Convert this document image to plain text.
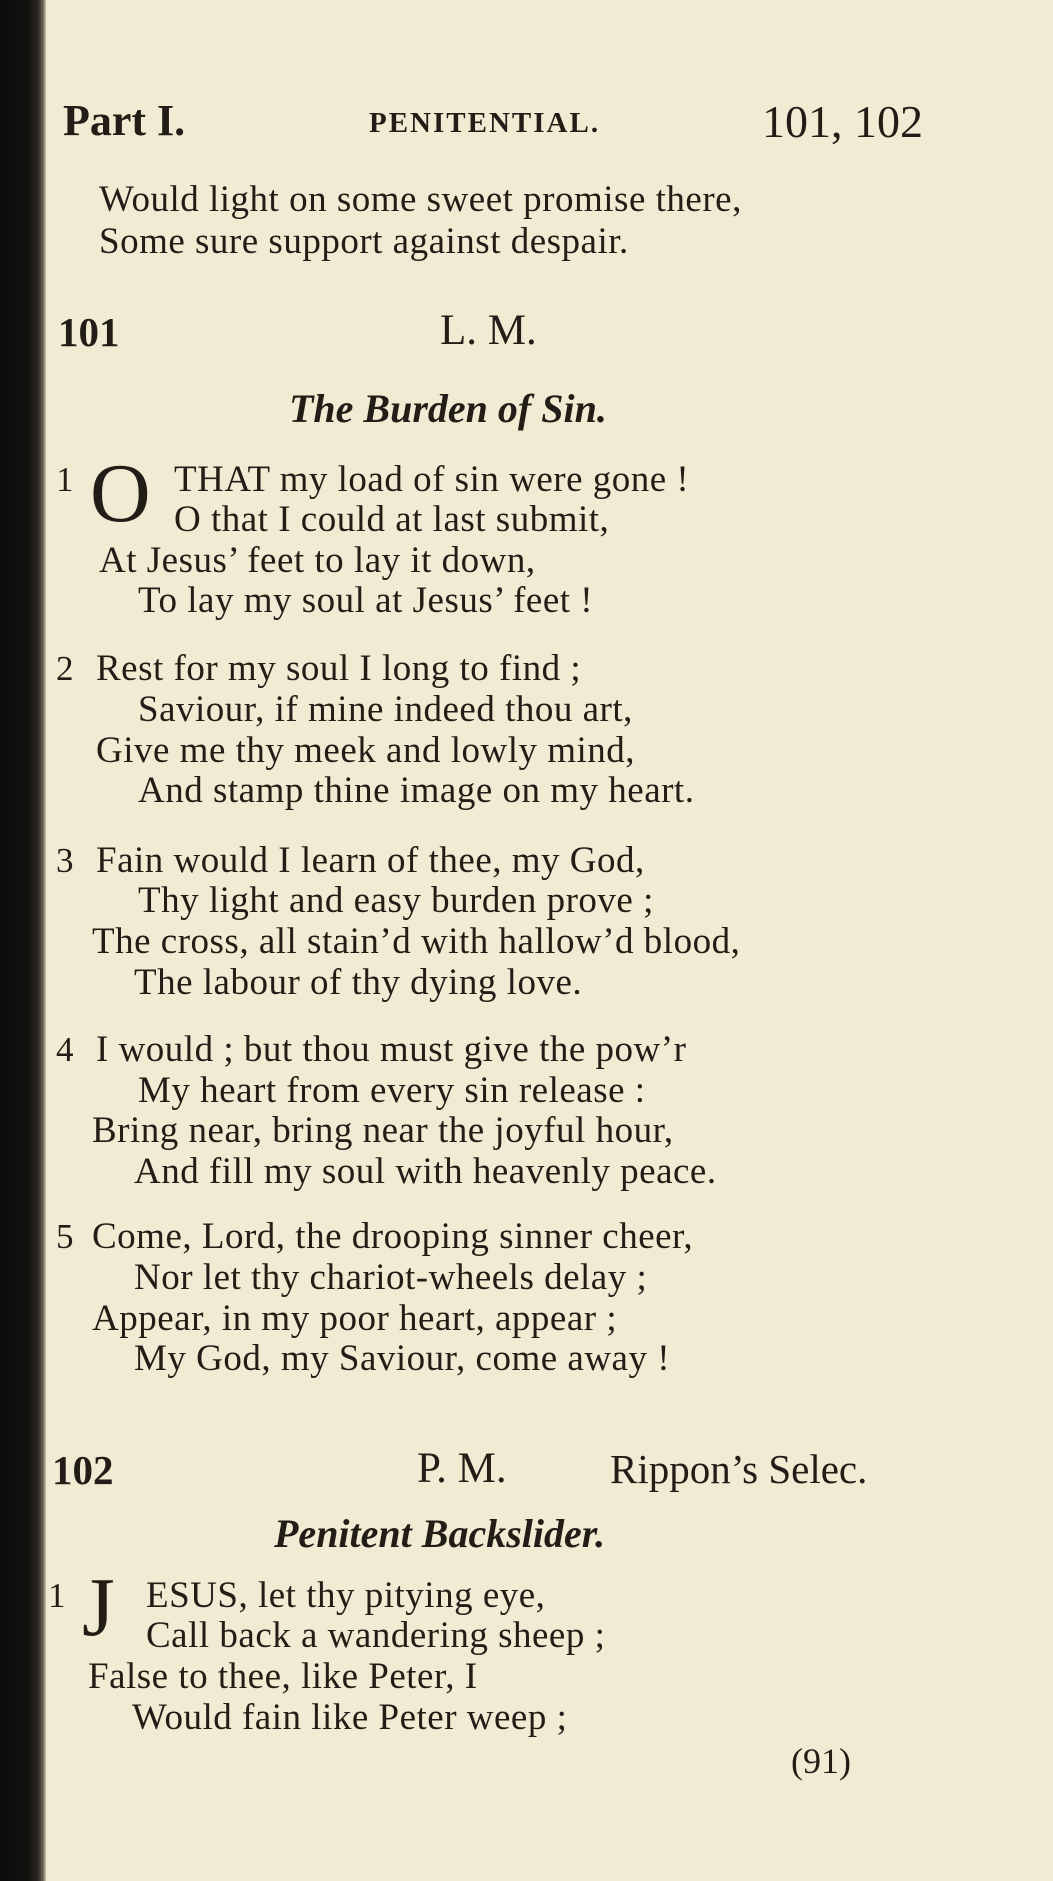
Part I.	PENITENTIAL.	101, 102
Would light on some sweet promise there,
Some sure support against despair.
101	L. M.
The Burden of Sin.
1 O THAT my load of sin were gone !
O that I could at last submit,
At Jesus’ feet to lay it down,
To lay my soul at Jesus’ feet !
2 Rest for my soul I long to find ;
Saviour, if mine indeed thou art,
Give me thy meek and lowly mind,
And stamp thine image on my heart.
3 Fain would I learn of thee, my God,
Thy light and easy burden prove ;
The cross, all stain’d with hallow’d blood,
The labour of thy dying love.
4 I would ; but thou must give the pow’r
My heart from every sin release :
Bring near, bring near the joyful hour,
And fill my soul with heavenly peace.
5 Come, Lord, the drooping sinner cheer,
Nor let thy chariot-wheels delay ;
Appear, in my poor heart, appear ;
My God, my Saviour, come away !
102	P. M.	Rippon’s Selec.
Penitent Backslider.
1 J ESUS, let thy pitying eye,
Call back a wandering sheep ;
False to thee, like Peter, I
Would fain like Peter weep ;
(91)
